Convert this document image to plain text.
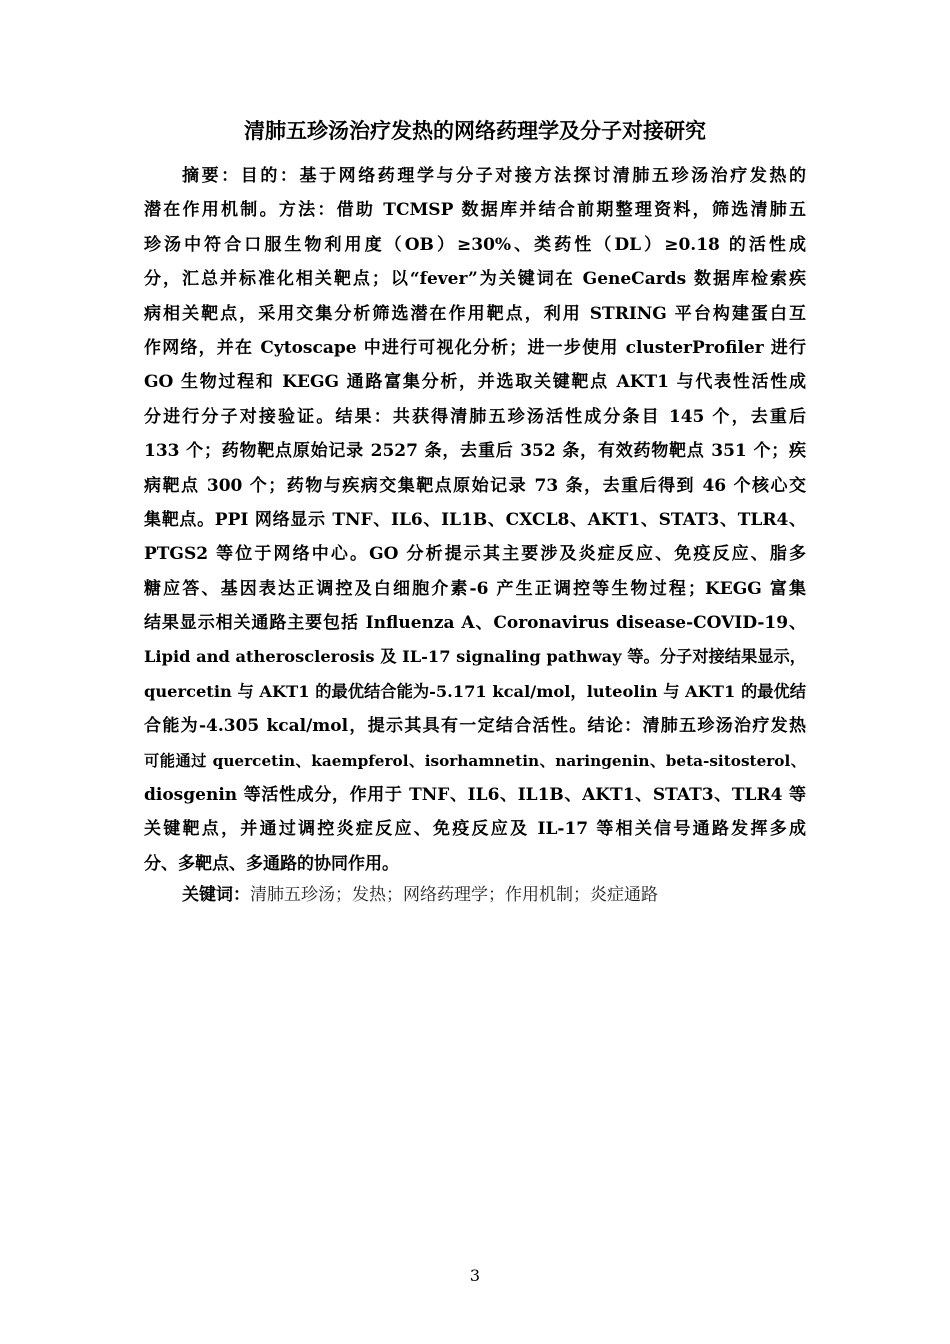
清肺五珍汤治疗发热的网络药理学及分子对接研究
摘要：目的：基于网络药理学与分子对接方法探讨清肺五珍汤治疗发热的
潜在作用机制。方法：借助 TCMSP 数据库并结合前期整理资料，筛选清肺五
珍汤中符合口服生物利用度（OB）≥30%、类药性（DL）≥0.18 的活性成
分，汇总并标准化相关靶点；以“fever”为关键词在 GeneCards 数据库检索疾
病相关靶点，采用交集分析筛选潜在作用靶点，利用 STRING 平台构建蛋白互
作网络，并在 Cytoscape 中进行可视化分析；进一步使用 clusterProfiler 进行
GO 生物过程和 KEGG 通路富集分析，并选取关键靶点 AKT1 与代表性活性成
分进行分子对接验证。结果：共获得清肺五珍汤活性成分条目 145 个，去重后
133 个；药物靶点原始记录 2527 条，去重后 352 条，有效药物靶点 351 个；疾
病靶点 300 个；药物与疾病交集靶点原始记录 73 条，去重后得到 46 个核心交
集靶点。PPI 网络显示 TNF、IL6、IL1B、CXCL8、AKT1、STAT3、TLR4、
PTGS2 等位于网络中心。GO 分析提示其主要涉及炎症反应、免疫反应、脂多
糖应答、基因表达正调控及白细胞介素-6 产生正调控等生物过程；KEGG 富集
结果显示相关通路主要包括 Influenza A、Coronavirus disease-COVID-19、
Lipid and atherosclerosis 及 IL-17 signaling pathway 等。分子对接结果显示，
quercetin 与 AKT1 的最优结合能为-5.171 kcal/mol，luteolin 与 AKT1 的最优结
合能为-4.305 kcal/mol，提示其具有一定结合活性。结论：清肺五珍汤治疗发热
可能通过 quercetin、kaempferol、isorhamnetin、naringenin、beta-sitosterol、
diosgenin 等活性成分，作用于 TNF、IL6、IL1B、AKT1、STAT3、TLR4 等
关键靶点，并通过调控炎症反应、免疫反应及 IL-17 等相关信号通路发挥多成
分、多靶点、多通路的协同作用。
关键词：清肺五珍汤；发热；网络药理学；作用机制；炎症通路
3
